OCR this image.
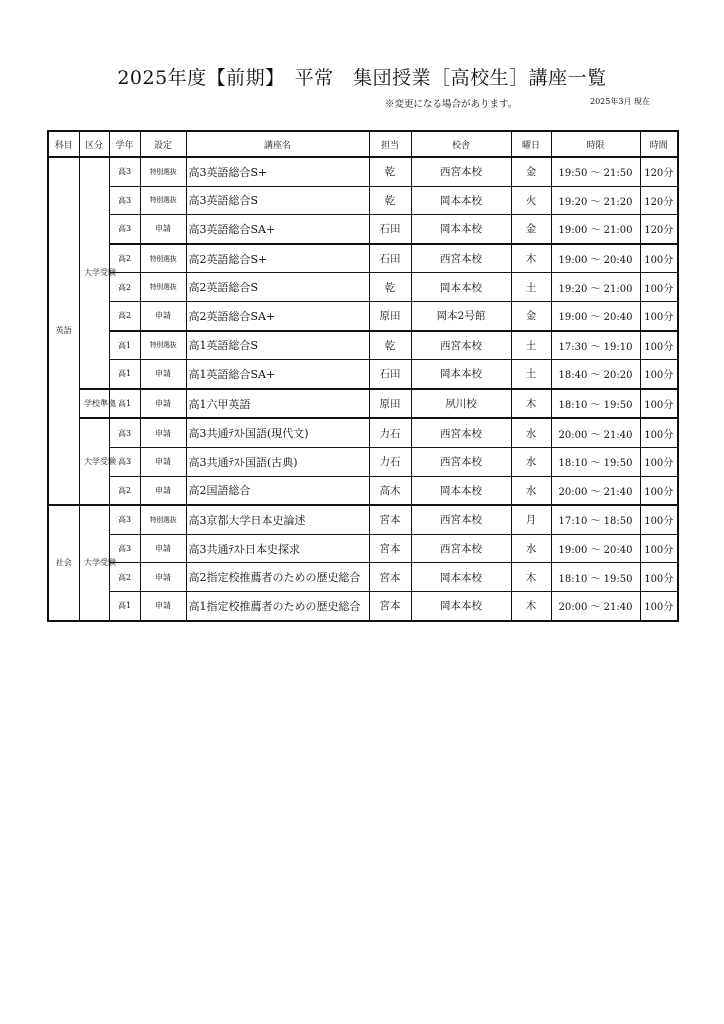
2025年度【前期】　平常　集団授業［高校生］講座一覧
※変更になる場合があります。	2025年3月 現在
科目	区分	学年	設定	講座名	担当	校舎	曜日	時限	時間
英語	大学受験	高3	特別選抜	高3英語総合S+	乾	西宮本校	金	19:50 ～ 21:50	120分
		高3	特別選抜	高3英語総合S	乾	岡本本校	火	19:20 ～ 21:20	120分
		高3	申請	高3英語総合SA+	石田	岡本本校	金	19:00 ～ 21:00	120分
		高2	特別選抜	高2英語総合S+	石田	西宮本校	木	19:00 ～ 20:40	100分
		高2	特別選抜	高2英語総合S	乾	岡本本校	土	19:20 ～ 21:00	100分
		高2	申請	高2英語総合SA+	原田	岡本2号館	金	19:00 ～ 20:40	100分
		高1	特別選抜	高1英語総合S	乾	西宮本校	土	17:30 ～ 19:10	100分
		高1	申請	高1英語総合SA+	石田	岡本本校	土	18:40 ～ 20:20	100分
	学校準拠	高1	申請	高1六甲英語	原田	夙川校	木	18:10 ～ 19:50	100分
	大学受験	高3	申請	高3共通ﾃｽﾄ国語(現代文)	力石	西宮本校	水	20:00 ～ 21:40	100分
		高3	申請	高3共通ﾃｽﾄ国語(古典)	力石	西宮本校	水	18:10 ～ 19:50	100分
		高2	申請	高2国語総合	高木	岡本本校	水	20:00 ～ 21:40	100分
社会	大学受験	高3	特別選抜	高3京都大学日本史論述	宮本	西宮本校	月	17:10 ～ 18:50	100分
		高3	申請	高3共通ﾃｽﾄ日本史探求	宮本	西宮本校	水	19:00 ～ 20:40	100分
		高2	申請	高2指定校推薦者のための歴史総合	宮本	岡本本校	木	18:10 ～ 19:50	100分
		高1	申請	高1指定校推薦者のための歴史総合	宮本	岡本本校	木	20:00 ～ 21:40	100分
